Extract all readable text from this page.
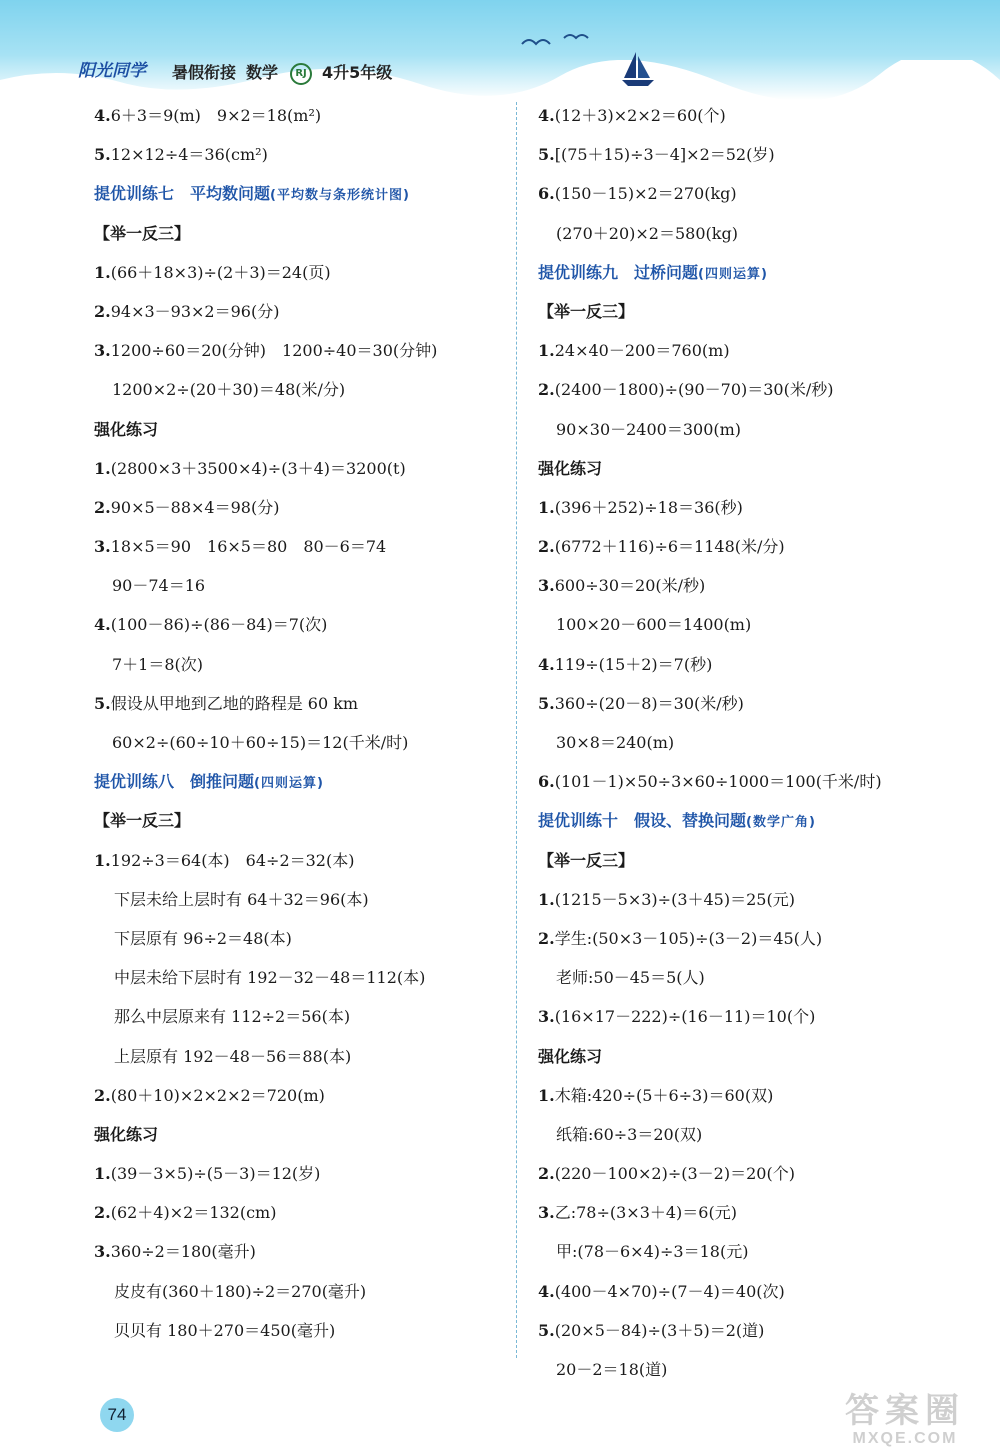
阳光同学 暑假衔接 数学 RJ 4升5年级
4.6＋3＝9(m)　9×2＝18(m²)
5.12×12÷4＝36(cm²)
提优训练七　平均数问题(平均数与条形统计图)
【举一反三】
1.(66＋18×3)÷(2＋3)＝24(页)
2.94×3－93×2＝96(分)
3.1200÷60＝20(分钟)　1200÷40＝30(分钟)
1200×2÷(20＋30)＝48(米/分)
强化练习
1.(2800×3＋3500×4)÷(3＋4)＝3200(t)
2.90×5－88×4＝98(分)
3.18×5＝90　16×5＝80　80－6＝74
90－74＝16
4.(100－86)÷(86－84)＝7(次)
7＋1＝8(次)
5.假设从甲地到乙地的路程是 60 km
60×2÷(60÷10＋60÷15)＝12(千米/时)
提优训练八　倒推问题(四则运算)
【举一反三】
1.192÷3＝64(本)　64÷2＝32(本)
下层未给上层时有 64＋32＝96(本)
下层原有 96÷2＝48(本)
中层未给下层时有 192－32－48＝112(本)
那么中层原来有 112÷2＝56(本)
上层原有 192－48－56＝88(本)
2.(80＋10)×2×2×2＝720(m)
强化练习
1.(39－3×5)÷(5－3)＝12(岁)
2.(62＋4)×2＝132(cm)
3.360÷2＝180(毫升)
皮皮有(360＋180)÷2＝270(毫升)
贝贝有 180＋270＝450(毫升)
4.(12＋3)×2×2＝60(个)
5.[(75＋15)÷3－4]×2＝52(岁)
6.(150－15)×2＝270(kg)
(270＋20)×2＝580(kg)
提优训练九　过桥问题(四则运算)
【举一反三】
1.24×40－200＝760(m)
2.(2400－1800)÷(90－70)＝30(米/秒)
90×30－2400＝300(m)
强化练习
1.(396＋252)÷18＝36(秒)
2.(6772＋116)÷6＝1148(米/分)
3.600÷30＝20(米/秒)
100×20－600＝1400(m)
4.119÷(15＋2)＝7(秒)
5.360÷(20－8)＝30(米/秒)
30×8＝240(m)
6.(101－1)×50÷3×60÷1000＝100(千米/时)
提优训练十　假设、替换问题(数学广角)
【举一反三】
1.(1215－5×3)÷(3＋45)＝25(元)
2.学生:(50×3－105)÷(3－2)＝45(人)
老师:50－45＝5(人)
3.(16×17－222)÷(16－11)＝10(个)
强化练习
1.木箱:420÷(5＋6÷3)＝60(双)
纸箱:60÷3＝20(双)
2.(220－100×2)÷(3－2)＝20(个)
3.乙:78÷(3×3＋4)＝6(元)
甲:(78－6×4)÷3＝18(元)
4.(400－4×70)÷(7－4)＝40(次)
5.(20×5－84)÷(3＋5)＝2(道)
20－2＝18(道)
74	答案圈
MXQE.COM
